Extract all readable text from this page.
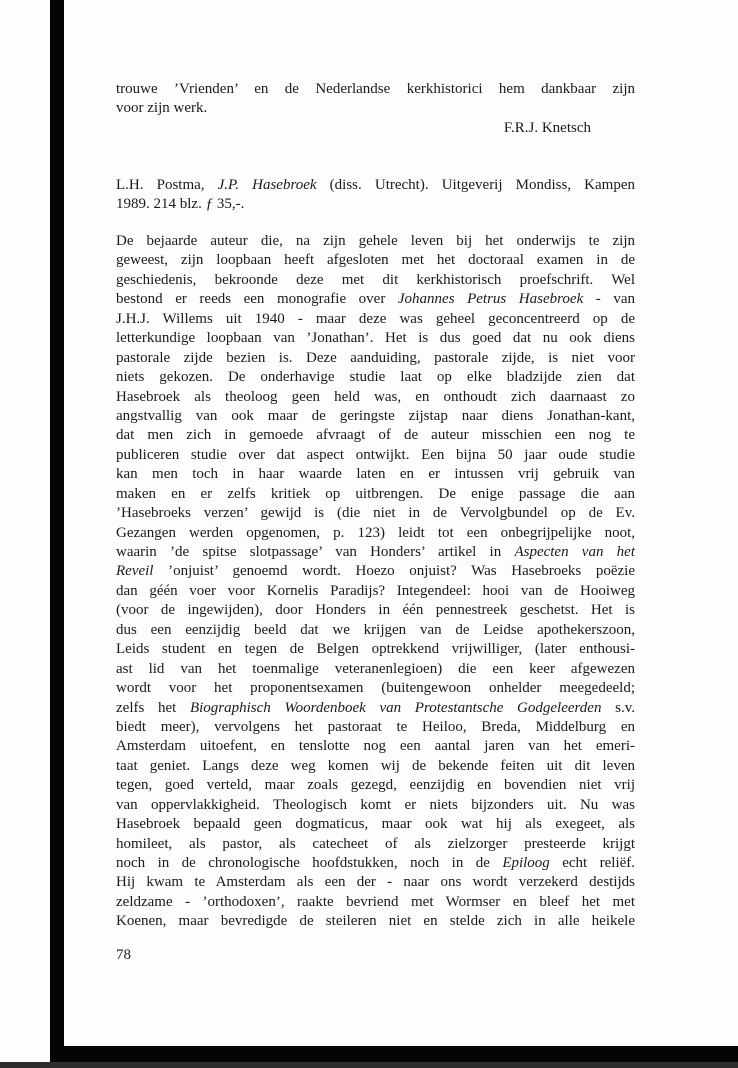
trouwe ’Vrienden’ en de Nederlandse kerkhistorici hem dankbaar zijn
voor zijn werk.
F.R.J. Knetsch
L.H. Postma, J.P. Hasebroek (diss. Utrecht). Uitgeverij Mondiss, Kampen
1989. 214 blz. ƒ 35,-.
De bejaarde auteur die, na zijn gehele leven bij het onderwijs te zijn
geweest, zijn loopbaan heeft afgesloten met het doctoraal examen in de
geschiedenis, bekroonde deze met dit kerkhistorisch proefschrift. Wel
bestond er reeds een monografie over Johannes Petrus Hasebroek - van
J.H.J. Willems uit 1940 - maar deze was geheel geconcentreerd op de
letterkundige loopbaan van ’Jonathan’. Het is dus goed dat nu ook diens
pastorale zijde bezien is. Deze aanduiding, pastorale zijde, is niet voor
niets gekozen. De onderhavige studie laat op elke bladzijde zien dat
Hasebroek als theoloog geen held was, en onthoudt zich daarnaast zo
angstvallig van ook maar de geringste zijstap naar diens Jonathan-kant,
dat men zich in gemoede afvraagt of de auteur misschien een nog te
publiceren studie over dat aspect ontwijkt. Een bijna 50 jaar oude studie
kan men toch in haar waarde laten en er intussen vrij gebruik van
maken en er zelfs kritiek op uitbrengen. De enige passage die aan
’Hasebroeks verzen’ gewijd is (die niet in de Vervolgbundel op de Ev.
Gezangen werden opgenomen, p. 123) leidt tot een onbegrijpelijke noot,
waarin ’de spitse slotpassage’ van Honders’ artikel in Aspecten van het
Reveil ’onjuist’ genoemd wordt. Hoezo onjuist? Was Hasebroeks poëzie
dan géén voer voor Kornelis Paradijs? Integendeel: hooi van de Hooiweg
(voor de ingewijden), door Honders in één pennestreek geschetst. Het is
dus een eenzijdig beeld dat we krijgen van de Leidse apothekerszoon,
Leids student en tegen de Belgen optrekkend vrijwilliger, (later enthousi-
ast lid van het toenmalige veteranenlegioen) die een keer afgewezen
wordt voor het proponentsexamen (buitengewoon onhelder meegedeeld;
zelfs het Biographisch Woordenboek van Protestantsche Godgeleerden s.v.
biedt meer), vervolgens het pastoraat te Heiloo, Breda, Middelburg en
Amsterdam uitoefent, en tenslotte nog een aantal jaren van het emeri-
taat geniet. Langs deze weg komen wij de bekende feiten uit dit leven
tegen, goed verteld, maar zoals gezegd, eenzijdig en bovendien niet vrij
van oppervlakkigheid. Theologisch komt er niets bijzonders uit. Nu was
Hasebroek bepaald geen dogmaticus, maar ook wat hij als exegeet, als
homileet, als pastor, als catecheet of als zielzorger presteerde krijgt
noch in de chronologische hoofdstukken, noch in de Epiloog echt reliëf.
Hij kwam te Amsterdam als een der - naar ons wordt verzekerd destijds
zeldzame - ’orthodoxen’, raakte bevriend met Wormser en bleef het met
Koenen, maar bevredigde de steileren niet en stelde zich in alle heikele
78
